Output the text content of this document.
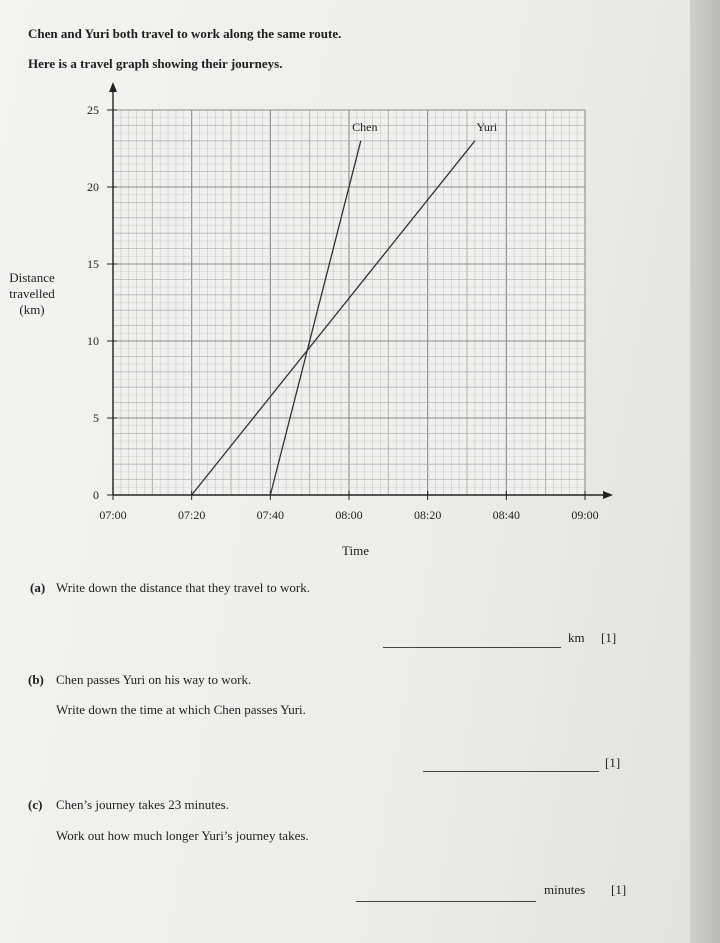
Chen and Yuri both travel to work along the same route.
Here is a travel graph showing their journeys.
Distance
travelled
(km)
07:00	07:20	07:40	08:00	08:20	08:40	09:00
0
5
10
15
20
25
Chen	Yuri
Time
(a) Write down the distance that they travel to work.
km [1]
(b) Chen passes Yuri on his way to work.
Write down the time at which Chen passes Yuri.
[1]
(c) Chen’s journey takes 23 minutes.
Work out how much longer Yuri’s journey takes.
minutes [1]
